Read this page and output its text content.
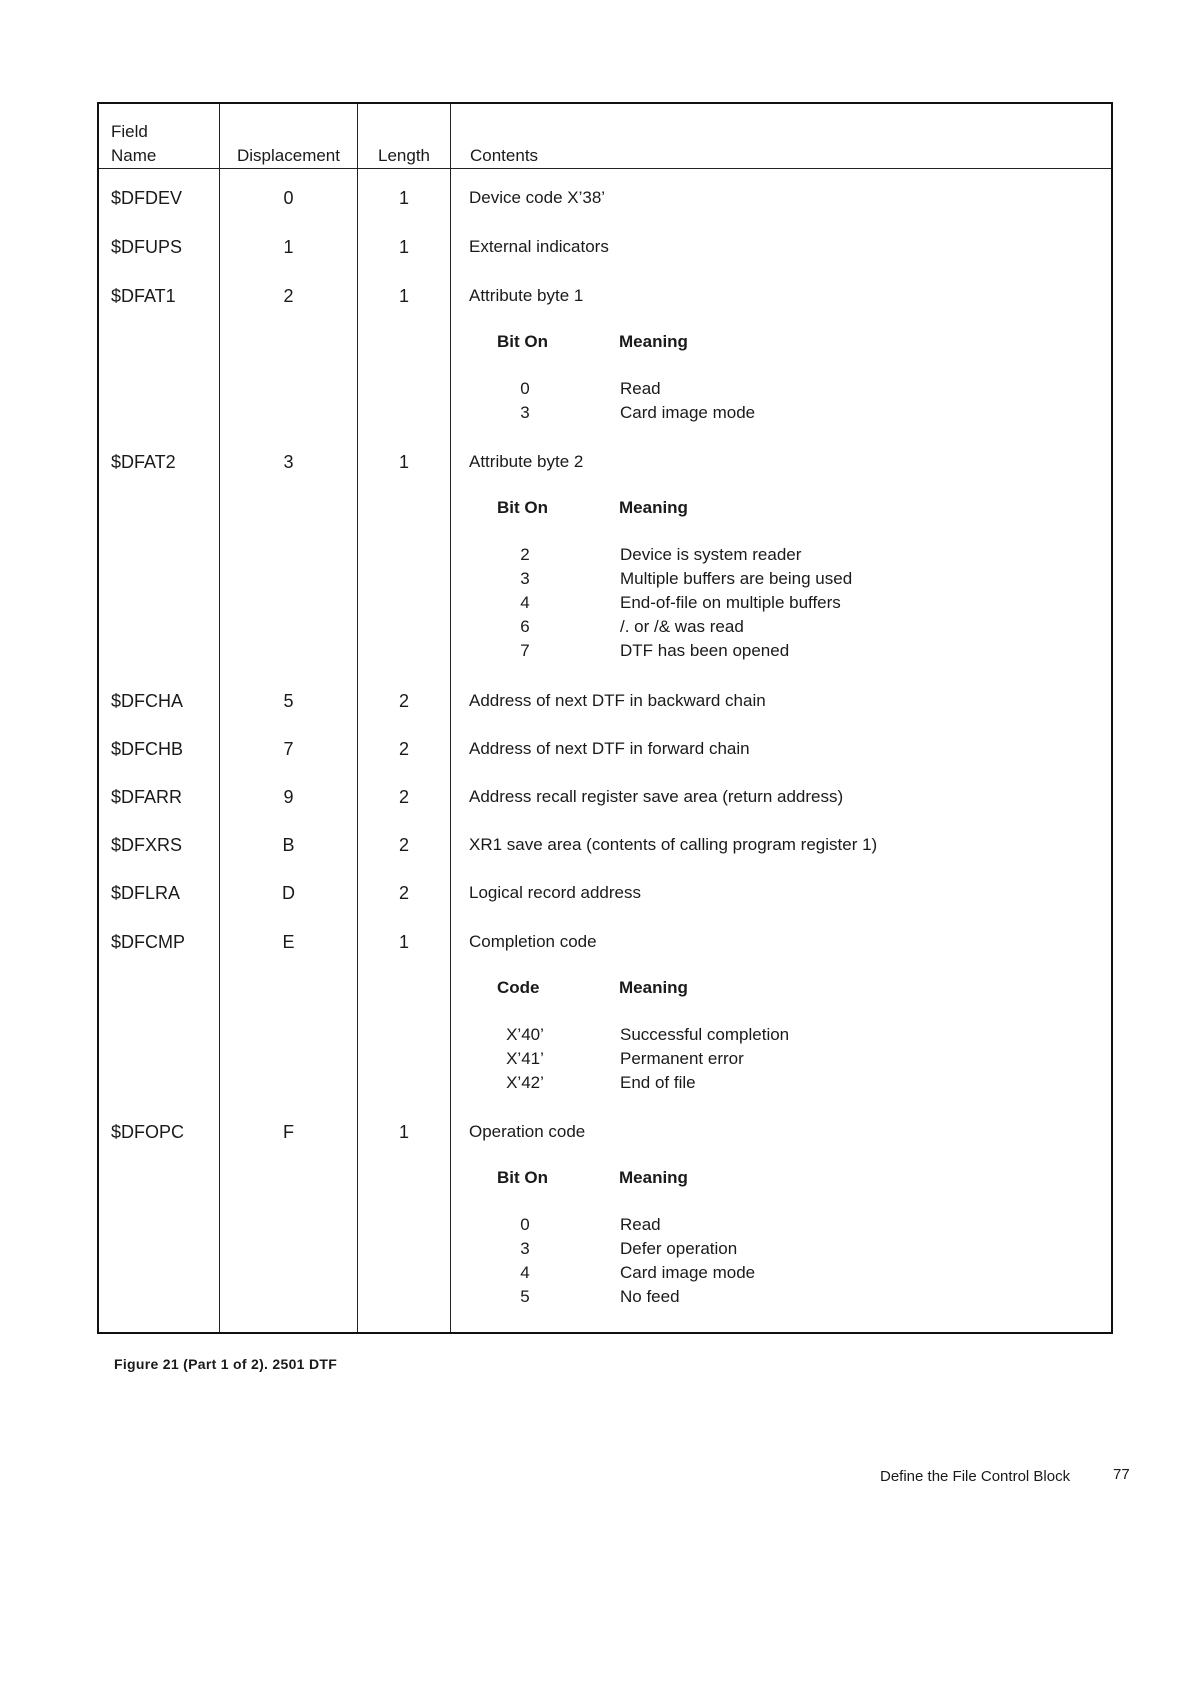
Field
Name	Displacement	Length	Contents
$DFDEV	0	1	Device code X’38’
$DFUPS	1	1	External indicators
$DFAT1	2	1	Attribute byte 1
Bit On	Meaning
0	Read
3	Card image mode
$DFAT2	3	1	Attribute byte 2
Bit On	Meaning
2	Device is system reader
3	Multiple buffers are being used
4	End-of-file on multiple buffers
6	/. or /& was read
7	DTF has been opened
$DFCHA	5	2	Address of next DTF in backward chain
$DFCHB	7	2	Address of next DTF in forward chain
$DFARR	9	2	Address recall register save area (return address)
$DFXRS	B	2	XR1 save area (contents of calling program register 1)
$DFLRA	D	2	Logical record address
$DFCMP	E	1	Completion code
Code	Meaning
X’40’	Successful completion
X’41’	Permanent error
X’42’	End of file
$DFOPC	F	1	Operation code
Bit On	Meaning
0	Read
3	Defer operation
4	Card image mode
5	No feed
Figure 21 (Part 1 of 2). 2501 DTF
Define the File Control Block	77
